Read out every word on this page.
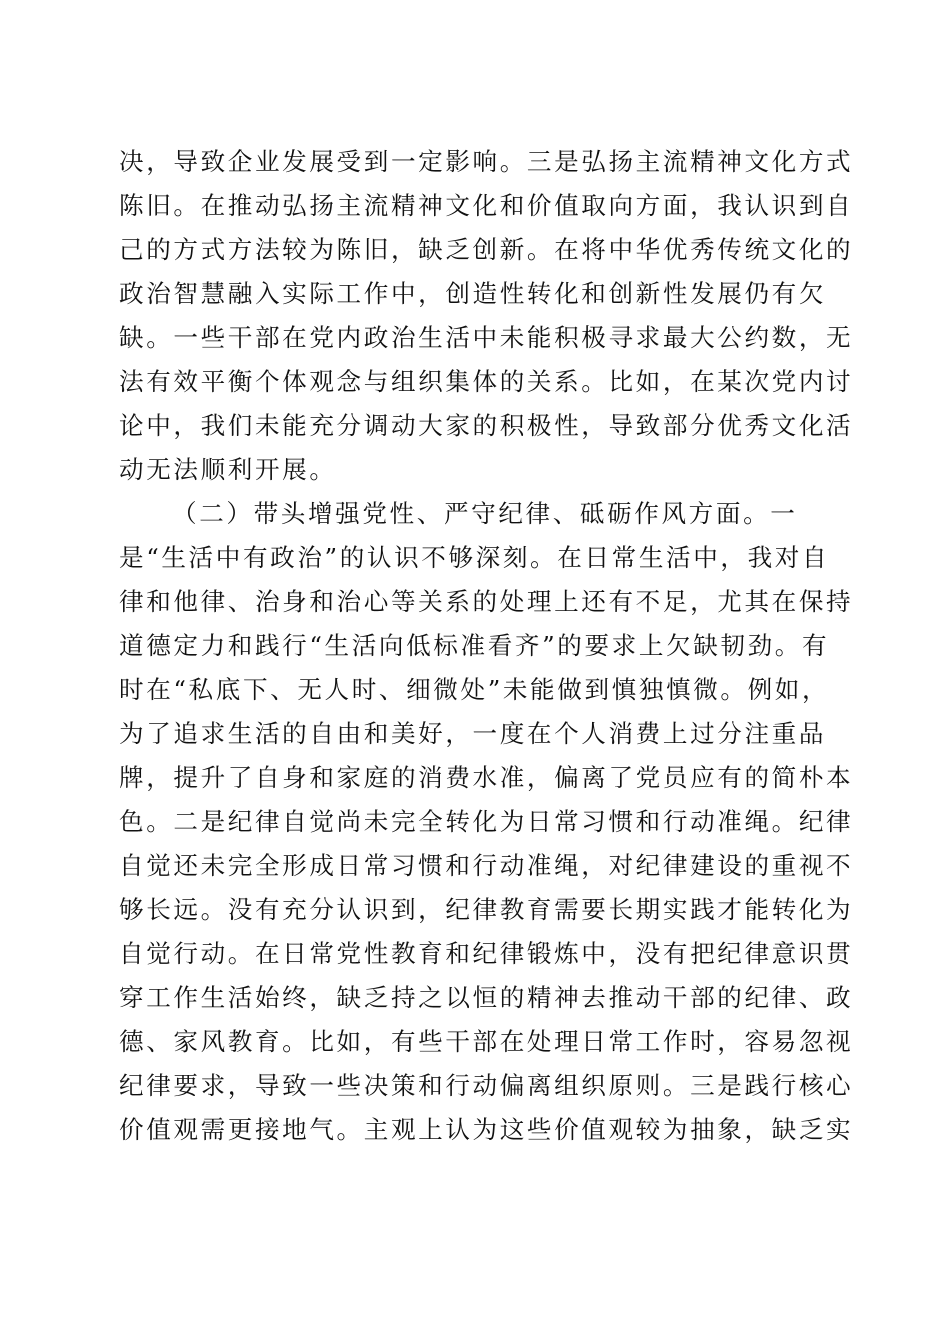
决，导致企业发展受到一定影响。三是弘扬主流精神文化方式

陈旧。在推动弘扬主流精神文化和价值取向方面，我认识到自

己的方式方法较为陈旧，缺乏创新。在将中华优秀传统文化的

政治智慧融入实际工作中，创造性转化和创新性发展仍有欠

缺。一些干部在党内政治生活中未能积极寻求最大公约数，无

法有效平衡个体观念与组织集体的关系。比如，在某次党内讨

论中，我们未能充分调动大家的积极性，导致部分优秀文化活

动无法顺利开展。

（二）带头增强党性、严守纪律、砥砺作风方面。一

是“生活中有政治”的认识不够深刻。在日常生活中，我对自

律和他律、治身和治心等关系的处理上还有不足，尤其在保持

道德定力和践行“生活向低标准看齐”的要求上欠缺韧劲。有

时在“私底下、无人时、细微处”未能做到慎独慎微。例如，

为了追求生活的自由和美好，一度在个人消费上过分注重品

牌，提升了自身和家庭的消费水准，偏离了党员应有的简朴本

色。二是纪律自觉尚未完全转化为日常习惯和行动准绳。纪律

自觉还未完全形成日常习惯和行动准绳，对纪律建设的重视不

够长远。没有充分认识到，纪律教育需要长期实践才能转化为

自觉行动。在日常党性教育和纪律锻炼中，没有把纪律意识贯

穿工作生活始终，缺乏持之以恒的精神去推动干部的纪律、政

德、家风教育。比如，有些干部在处理日常工作时，容易忽视

纪律要求，导致一些决策和行动偏离组织原则。三是践行核心

价值观需更接地气。主观上认为这些价值观较为抽象，缺乏实
